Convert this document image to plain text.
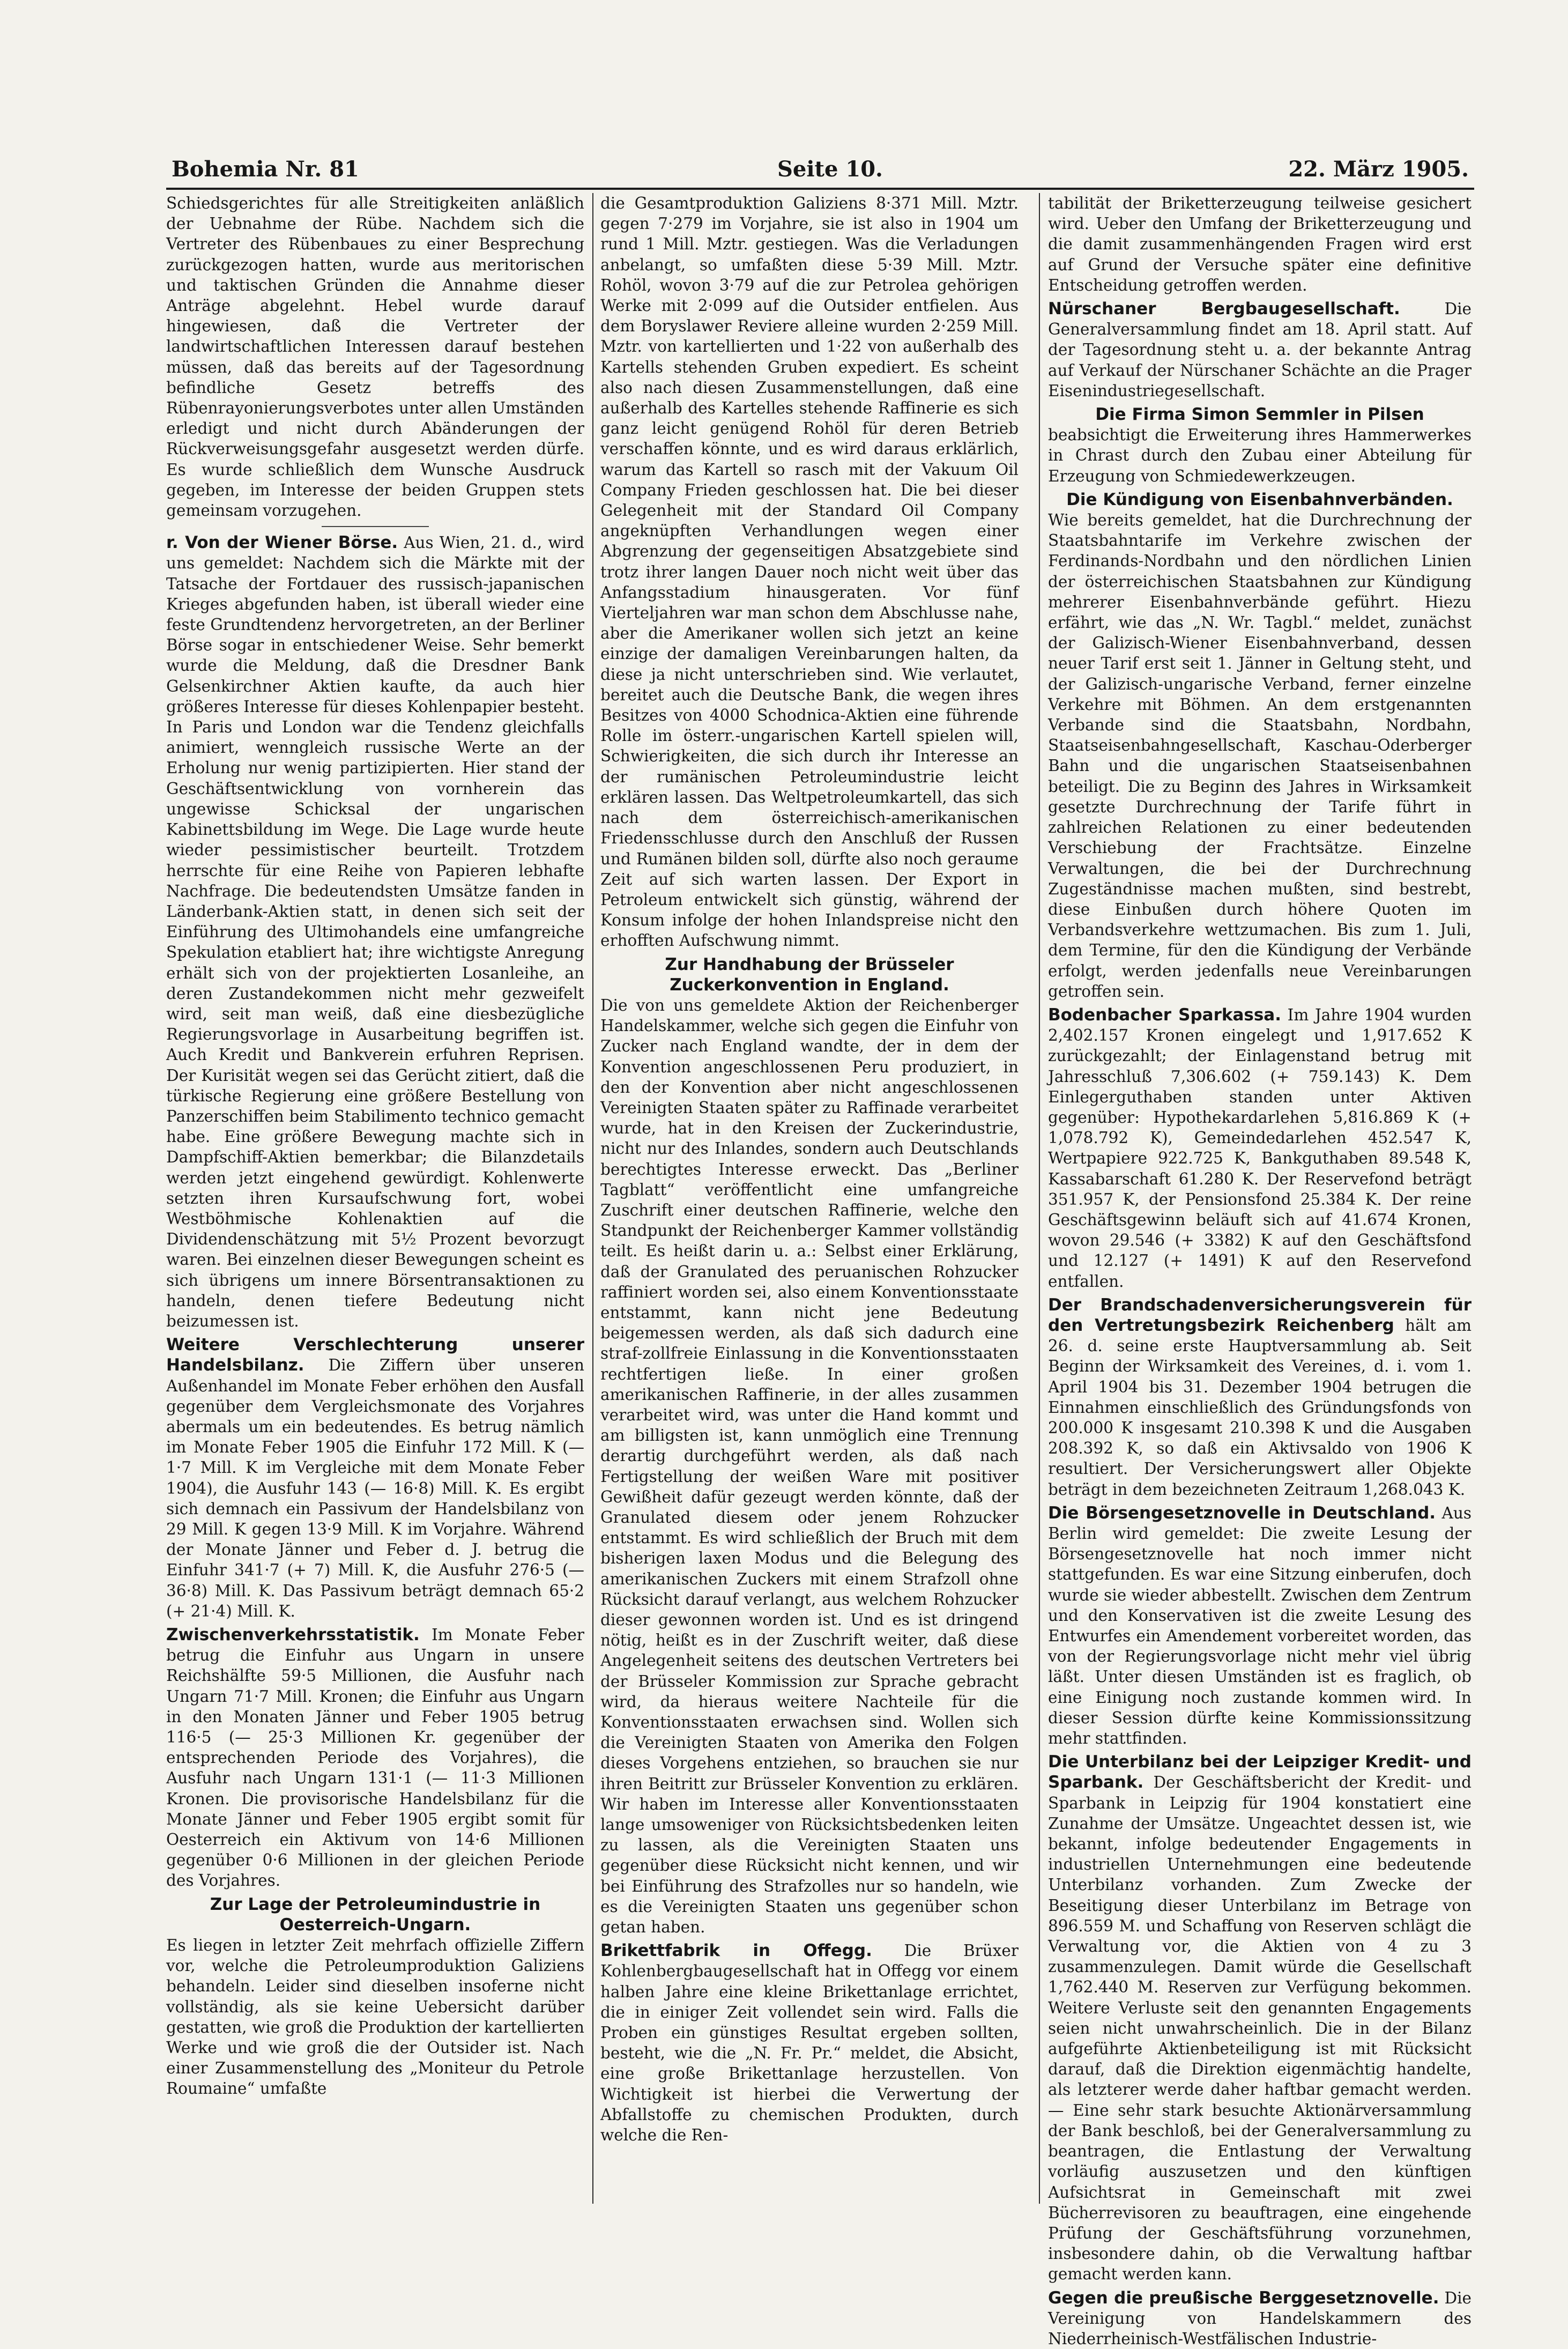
Bohemia Nr. 81	Seite 10.	22. März 1905.
Schiedsgerichtes für alle Streitigkeiten anläßlich der Uebnahme der Rübe. Nachdem sich die Vertreter des Rübenbaues zu einer Besprechung zurückgezogen hatten, wurde aus meritorischen und taktischen Gründen die Annahme dieser Anträge abgelehnt. Hebel wurde darauf hingewiesen, daß die Vertreter der landwirtschaftlichen Interessen darauf bestehen müssen, daß das bereits auf der Tagesordnung befindliche Gesetz betreffs des Rübenrayonierungsverbotes unter allen Umständen erledigt und nicht durch Abänderungen der Rückverweisungsgefahr ausgesetzt werden dürfe. Es wurde schließlich dem Wunsche Ausdruck gegeben, im Interesse der beiden Gruppen stets gemeinsam vorzugehen.
r. Von der Wiener Börse. Aus Wien, 21. d., wird uns gemeldet: Nachdem sich die Märkte mit der Tatsache der Fortdauer des russisch-japanischen Krieges abgefunden haben, ist überall wieder eine feste Grundtendenz hervorgetreten, an der Berliner Börse sogar in entschiedener Weise. Sehr bemerkt wurde die Meldung, daß die Dresdner Bank Gelsenkirchner Aktien kaufte, da auch hier größeres Interesse für dieses Kohlenpapier besteht. In Paris und London war die Tendenz gleichfalls animiert, wenngleich russische Werte an der Erholung nur wenig partizipierten. Hier stand der Geschäftsentwicklung von vornherein das ungewisse Schicksal der ungarischen Kabinettsbildung im Wege. Die Lage wurde heute wieder pessimistischer beurteilt. Trotzdem herrschte für eine Reihe von Papieren lebhafte Nachfrage. Die bedeutendsten Umsätze fanden in Länderbank-Aktien statt, in denen sich seit der Einführung des Ultimohandels eine umfangreiche Spekulation etabliert hat; ihre wichtigste Anregung erhält sich von der projektierten Losanleihe, an deren Zustandekommen nicht mehr gezweifelt wird, seit man weiß, daß eine diesbezügliche Regierungsvorlage in Ausarbeitung begriffen ist. Auch Kredit und Bankverein erfuhren Reprisen. Der Kurisität wegen sei das Gerücht zitiert, daß die türkische Regierung eine größere Bestellung von Panzerschiffen beim Stabilimento technico gemacht habe. Eine größere Bewegung machte sich in Dampfschiff-Aktien bemerkbar; die Bilanzdetails werden jetzt eingehend gewürdigt. Kohlenwerte setzten ihren Kursaufschwung fort, wobei Westböhmische Kohlenaktien auf die Dividendenschätzung mit 5½ Prozent bevorzugt waren. Bei einzelnen dieser Bewegungen scheint es sich übrigens um innere Börsentransaktionen zu handeln, denen tiefere Bedeutung nicht beizumessen ist.
Weitere Verschlechterung unserer Handelsbilanz. Die Ziffern über unseren Außenhandel im Monate Feber erhöhen den Ausfall gegenüber dem Vergleichsmonate des Vorjahres abermals um ein bedeutendes. Es betrug nämlich im Monate Feber 1905 die Einfuhr 172 Mill. K (— 1·7 Mill. K im Vergleiche mit dem Monate Feber 1904), die Ausfuhr 143 (— 16·8) Mill. K. Es ergibt sich demnach ein Passivum der Handelsbilanz von 29 Mill. K gegen 13·9 Mill. K im Vorjahre. Während der Monate Jänner und Feber d. J. betrug die Einfuhr 341·7 (+ 7) Mill. K, die Ausfuhr 276·5 (— 36·8) Mill. K. Das Passivum beträgt demnach 65·2 (+ 21·4) Mill. K.
Zwischenverkehrsstatistik. Im Monate Feber betrug die Einfuhr aus Ungarn in unsere Reichshälfte 59·5 Millionen, die Ausfuhr nach Ungarn 71·7 Mill. Kronen; die Einfuhr aus Ungarn in den Monaten Jänner und Feber 1905 betrug 116·5 (— 25·3 Millionen Kr. gegenüber der entsprechenden Periode des Vorjahres), die Ausfuhr nach Ungarn 131·1 (— 11·3 Millionen Kronen. Die provisorische Handelsbilanz für die Monate Jänner und Feber 1905 ergibt somit für Oesterreich ein Aktivum von 14·6 Millionen gegenüber 0·6 Millionen in der gleichen Periode des Vorjahres.
Zur Lage der Petroleumindustrie in Oesterreich-Ungarn.
Es liegen in letzter Zeit mehrfach offizielle Ziffern vor, welche die Petroleumproduktion Galiziens behandeln. Leider sind dieselben insoferne nicht vollständig, als sie keine Uebersicht darüber gestatten, wie groß die Produktion der kartellierten Werke und wie groß die der Outsider ist. Nach einer Zusammenstellung des „Moniteur du Petrole Roumaine“ umfaßte
die Gesamtproduktion Galiziens 8·371 Mill. Mztr. gegen 7·279 im Vorjahre, sie ist also in 1904 um rund 1 Mill. Mztr. gestiegen. Was die Verladungen anbelangt, so umfaßten diese 5·39 Mill. Mztr. Rohöl, wovon 3·79 auf die zur Petrolea gehörigen Werke mit 2·099 auf die Outsider entfielen. Aus dem Boryslawer Reviere alleine wurden 2·259 Mill. Mztr. von kartellierten und 1·22 von außerhalb des Kartells stehenden Gruben expediert. Es scheint also nach diesen Zusammenstellungen, daß eine außerhalb des Kartelles stehende Raffinerie es sich ganz leicht genügend Rohöl für deren Betrieb verschaffen könnte, und es wird daraus erklärlich, warum das Kartell so rasch mit der Vakuum Oil Company Frieden geschlossen hat. Die bei dieser Gelegenheit mit der Standard Oil Company angeknüpften Verhandlungen wegen einer Abgrenzung der gegenseitigen Absatzgebiete sind trotz ihrer langen Dauer noch nicht weit über das Anfangsstadium hinausgeraten. Vor fünf Vierteljahren war man schon dem Abschlusse nahe, aber die Amerikaner wollen sich jetzt an keine einzige der damaligen Vereinbarungen halten, da diese ja nicht unterschrieben sind. Wie verlautet, bereitet auch die Deutsche Bank, die wegen ihres Besitzes von 4000 Schodnica-Aktien eine führende Rolle im österr.-ungarischen Kartell spielen will, Schwierigkeiten, die sich durch ihr Interesse an der rumänischen Petroleumindustrie leicht erklären lassen. Das Weltpetroleumkartell, das sich nach dem österreichisch-amerikanischen Friedensschlusse durch den Anschluß der Russen und Rumänen bilden soll, dürfte also noch geraume Zeit auf sich warten lassen. Der Export in Petroleum entwickelt sich günstig, während der Konsum infolge der hohen Inlandspreise nicht den erhofften Aufschwung nimmt.
Zur Handhabung der Brüsseler Zuckerkonvention in England.
Die von uns gemeldete Aktion der Reichenberger Handelskammer, welche sich gegen die Einfuhr von Zucker nach England wandte, der in dem der Konvention angeschlossenen Peru produziert, in den der Konvention aber nicht angeschlossenen Vereinigten Staaten später zu Raffinade verarbeitet wurde, hat in den Kreisen der Zuckerindustrie, nicht nur des Inlandes, sondern auch Deutschlands berechtigtes Interesse erweckt. Das „Berliner Tagblatt“ veröffentlicht eine umfangreiche Zuschrift einer deutschen Raffinerie, welche den Standpunkt der Reichenberger Kammer vollständig teilt. Es heißt darin u. a.: Selbst einer Erklärung, daß der Granulated des peruanischen Rohzucker raffiniert worden sei, also einem Konventionsstaate entstammt, kann nicht jene Bedeutung beigemessen werden, als daß sich dadurch eine straf-zollfreie Einlassung in die Konventionsstaaten rechtfertigen ließe. In einer großen amerikanischen Raffinerie, in der alles zusammen verarbeitet wird, was unter die Hand kommt und am billigsten ist, kann unmöglich eine Trennung derartig durchgeführt werden, als daß nach Fertigstellung der weißen Ware mit positiver Gewißheit dafür gezeugt werden könnte, daß der Granulated diesem oder jenem Rohzucker entstammt. Es wird schließlich der Bruch mit dem bisherigen laxen Modus und die Belegung des amerikanischen Zuckers mit einem Strafzoll ohne Rücksicht darauf verlangt, aus welchem Rohzucker dieser gewonnen worden ist. Und es ist dringend nötig, heißt es in der Zuschrift weiter, daß diese Angelegenheit seitens des deutschen Vertreters bei der Brüsseler Kommission zur Sprache gebracht wird, da hieraus weitere Nachteile für die Konventionsstaaten erwachsen sind. Wollen sich die Vereinigten Staaten von Amerika den Folgen dieses Vorgehens entziehen, so brauchen sie nur ihren Beitritt zur Brüsseler Konvention zu erklären. Wir haben im Interesse aller Konventionsstaaten lange umsoweniger von Rücksichtsbedenken leiten zu lassen, als die Vereinigten Staaten uns gegenüber diese Rücksicht nicht kennen, und wir bei Einführung des Strafzolles nur so handeln, wie es die Vereinigten Staaten uns gegenüber schon getan haben.
Brikettfabrik in Offegg. Die Brüxer Kohlenbergbaugesellschaft hat in Offegg vor einem halben Jahre eine kleine Brikettanlage errichtet, die in einiger Zeit vollendet sein wird. Falls die Proben ein günstiges Resultat ergeben sollten, besteht, wie die „N. Fr. Pr.“ meldet, die Absicht, eine große Brikettanlage herzustellen. Von Wichtigkeit ist hierbei die Verwertung der Abfallstoffe zu chemischen Produkten, durch welche die Ren-
tabilität der Briketterzeugung teilweise gesichert wird. Ueber den Umfang der Briketterzeugung und die damit zusammenhängenden Fragen wird erst auf Grund der Versuche später eine definitive Entscheidung getroffen werden.
Nürschaner Bergbaugesellschaft.	Die Generalversammlung findet am 18. April statt. Auf der Tagesordnung steht u. a. der bekannte Antrag auf Verkauf der Nürschaner Schächte an die Prager Eisenindustriegesellschaft.
Die Firma Simon Semmler in Pilsen
beabsichtigt die Erweiterung ihres Hammerwerkes in Chrast durch den Zubau einer Abteilung für Erzeugung von Schmiedewerkzeugen.
Die Kündigung von Eisenbahnverbänden.
Wie bereits gemeldet, hat die Durchrechnung der Staatsbahntarife im Verkehre zwischen der Ferdinands-Nordbahn und den nördlichen Linien der österreichischen Staatsbahnen zur Kündigung mehrerer Eisenbahnverbände geführt. Hiezu erfährt, wie das „N. Wr. Tagbl.“ meldet, zunächst der Galizisch-Wiener Eisenbahnverband, dessen neuer Tarif erst seit 1. Jänner in Geltung steht, und der Galizisch-ungarische Verband, ferner einzelne Verkehre mit Böhmen. An dem erstgenannten Verbande sind die Staatsbahn, Nordbahn, Staatseisenbahngesellschaft, Kaschau-Oderberger Bahn und die ungarischen Staatseisenbahnen beteiligt. Die zu Beginn des Jahres in Wirksamkeit gesetzte Durchrechnung der Tarife führt in zahlreichen Relationen zu einer bedeutenden Verschiebung der Frachtsätze. Einzelne Verwaltungen, die bei der Durchrechnung Zugeständnisse machen mußten, sind bestrebt, diese Einbußen durch höhere Quoten im Verbandsverkehre wettzumachen. Bis zum 1. Juli, dem Termine, für den die Kündigung der Verbände erfolgt, werden jedenfalls neue Vereinbarungen getroffen sein.
Bodenbacher Sparkassa. Im Jahre 1904 wurden 2,402.157 Kronen eingelegt und 1,917.652 K zurückgezahlt; der Einlagenstand betrug mit Jahresschluß 7,306.602 (+ 759.143) K. Dem Einlegerguthaben standen unter Aktiven gegenüber: Hypothekardarlehen 5,816.869 K (+ 1,078.792 K), Gemeindedarlehen 452.547 K, Wertpapiere 922.725 K, Bankguthaben 89.548 K, Kassabarschaft 61.280 K. Der Reservefond beträgt 351.957 K, der Pensionsfond 25.384 K. Der reine Geschäftsgewinn beläuft sich auf 41.674 Kronen, wovon 29.546 (+ 3382) K auf den Geschäftsfond und 12.127 (+ 1491) K auf den Reservefond entfallen.
Der Brandschadenversicherungsverein für den Vertretungsbezirk Reichenberg hält am 26. d. seine erste Hauptversammlung ab. Seit Beginn der Wirksamkeit des Vereines, d. i. vom 1. April 1904 bis 31. Dezember 1904 betrugen die Einnahmen einschließlich des Gründungsfonds von 200.000 K insgesamt 210.398 K und die Ausgaben 208.392 K, so daß ein Aktivsaldo von 1906 K resultiert. Der Versicherungswert aller Objekte beträgt in dem bezeichneten Zeitraum 1,268.043 K.
Die Börsengesetznovelle in Deutschland. Aus Berlin wird gemeldet: Die zweite Lesung der Börsengesetznovelle hat noch immer nicht stattgefunden. Es war eine Sitzung einberufen, doch wurde sie wieder abbestellt. Zwischen dem Zentrum und den Konservativen ist die zweite Lesung des Entwurfes ein Amendement vorbereitet worden, das von der Regierungsvorlage nicht mehr viel übrig läßt. Unter diesen Umständen ist es fraglich, ob eine Einigung noch zustande kommen wird. In dieser Session dürfte keine Kommissionssitzung mehr stattfinden.
Die Unterbilanz bei der Leipziger Kredit- und Sparbank. Der Geschäftsbericht der Kredit- und Sparbank in Leipzig für 1904 konstatiert eine Zunahme der Umsätze. Ungeachtet dessen ist, wie bekannt, infolge bedeutender Engagements in industriellen Unternehmungen eine bedeutende Unterbilanz vorhanden. Zum Zwecke der Beseitigung dieser Unterbilanz im Betrage von 896.559 M. und Schaffung von Reserven schlägt die Verwaltung vor, die Aktien von 4 zu 3 zusammenzulegen. Damit würde die Gesellschaft 1,762.440 M. Reserven zur Verfügung bekommen. Weitere Verluste seit den genannten Engagements seien nicht unwahrscheinlich. Die in der Bilanz aufgeführte Aktienbeteiligung ist mit Rücksicht darauf, daß die Direktion eigenmächtig handelte, als letzterer werde daher haftbar gemacht werden. — Eine sehr stark besuchte Aktionärversammlung der Bank beschloß, bei der Generalversammlung zu beantragen, die Entlastung der Verwaltung vorläufig auszusetzen und den künftigen Aufsichtsrat in Gemeinschaft mit zwei Bücherrevisoren zu beauftragen, eine eingehende Prüfung der Geschäftsführung vorzunehmen, insbesondere dahin, ob die Verwaltung haftbar gemacht werden kann.
Gegen die preußische Berggesetznovelle. Die Vereinigung von Handelskammern des Niederrheinisch-Westfälischen Industrie-
